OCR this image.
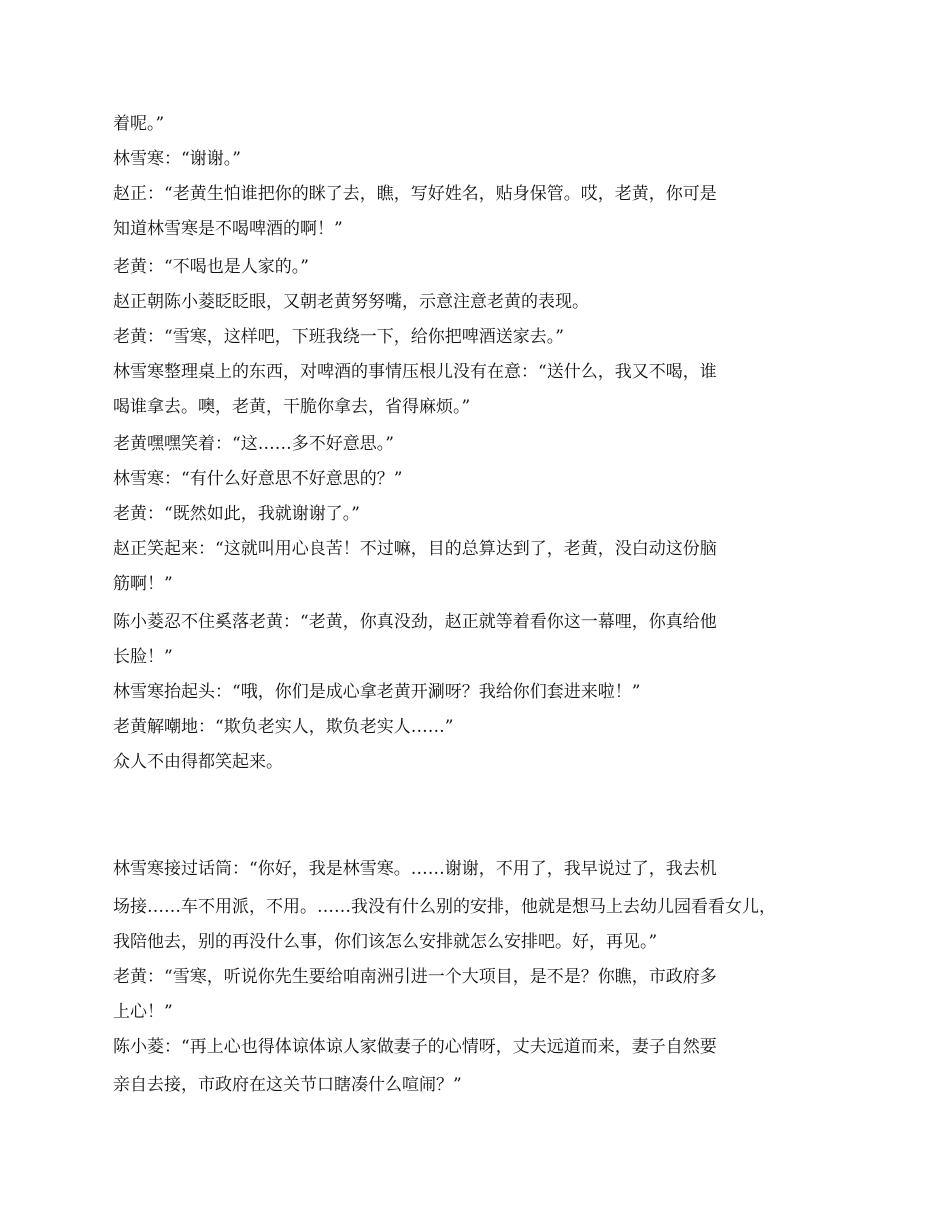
着呢。”
林雪寒：“谢谢。”
赵正：“老黄生怕谁把你的眯了去，瞧，写好姓名，贴身保管。哎，老黄，你可是
知道林雪寒是不喝啤酒的啊！”
老黄：“不喝也是人家的。”
赵正朝陈小菱眨眨眼，又朝老黄努努嘴，示意注意老黄的表现。
老黄：“雪寒，这样吧，下班我绕一下，给你把啤酒送家去。”
林雪寒整理桌上的东西，对啤酒的事情压根儿没有在意：“送什么，我又不喝，谁
喝谁拿去。噢，老黄，干脆你拿去，省得麻烦。”
老黄嘿嘿笑着：“这……多不好意思。”
林雪寒：“有什么好意思不好意思的？”
老黄：“既然如此，我就谢谢了。”
赵正笑起来：“这就叫用心良苦！不过嘛，目的总算达到了，老黄，没白动这份脑
筋啊！”
陈小菱忍不住奚落老黄：“老黄，你真没劲，赵正就等着看你这一幕哩，你真给他
长脸！”
林雪寒抬起头：“哦，你们是成心拿老黄开涮呀？我给你们套进来啦！”
老黄解嘲地：“欺负老实人，欺负老实人……”
众人不由得都笑起来。
林雪寒接过话筒：“你好，我是林雪寒。……谢谢，不用了，我早说过了，我去机
场接……车不用派，不用。……我没有什么别的安排，他就是想马上去幼儿园看看女儿，
我陪他去，别的再没什么事，你们该怎么安排就怎么安排吧。好，再见。”
老黄：“雪寒，听说你先生要给咱南洲引进一个大项目，是不是？你瞧，市政府多
上心！”
陈小菱：“再上心也得体谅体谅人家做妻子的心情呀，丈夫远道而来，妻子自然要
亲自去接，市政府在这关节口瞎凑什么喧闹？”
